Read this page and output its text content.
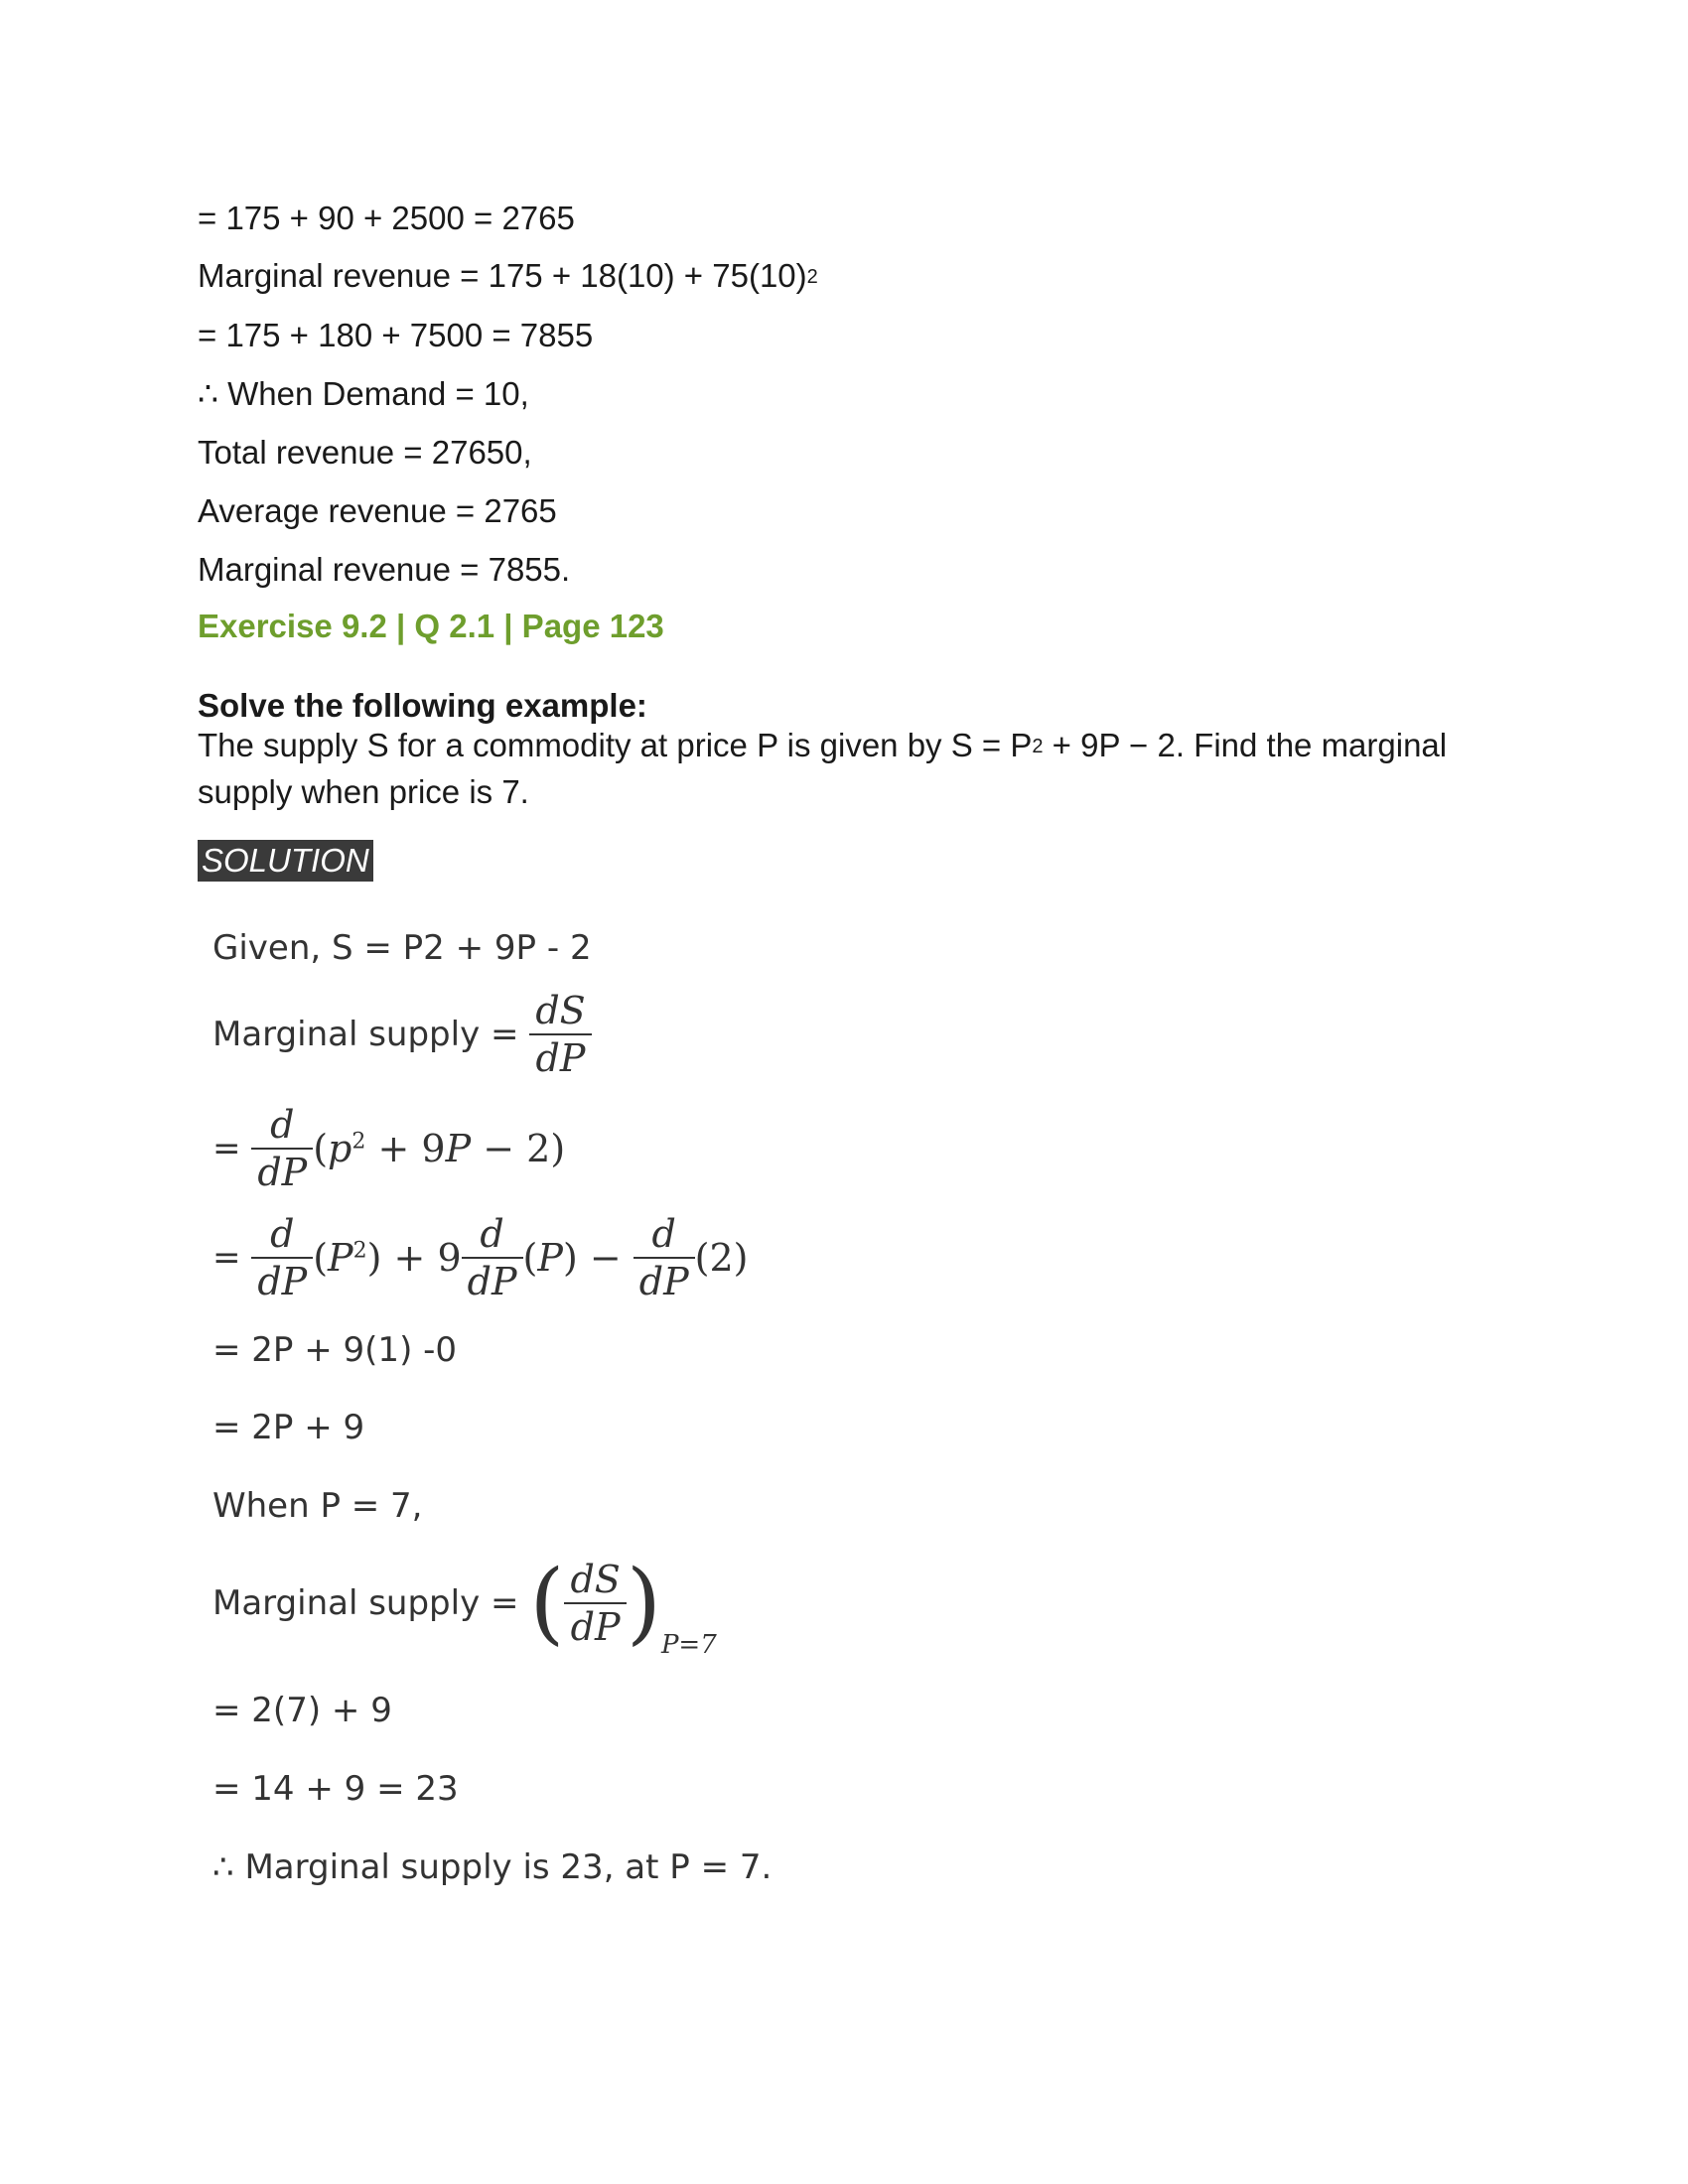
= 175 + 90 + 2500 = 2765
Marginal revenue = $175 + 18(10) + 75(10)^2$
= 175 + 180 + 7500 = 7855
∴ When Demand = 10,
Total revenue = 27650,
Average revenue = 2765
Marginal revenue = 7855.
Exercise 9.2 | Q 2.1 | Page 123
Solve the following example:
The supply S for a commodity at price P is given by $S = P^2 + 9P - 2$. Find the marginal supply when price is 7.
SOLUTION
Given, S = P2 + 9P - 2
Marginal supply = $\frac{dS}{dP}$
= $\frac{d}{dP} (p^2 + 9P - 2)$
= $\frac{d}{dP} (P^2) + 9 \frac{d}{dP} (P) - \frac{d}{dP} (2)$
= 2P + 9(1) -0
= 2P + 9
When P = 7,
Marginal supply = ( $\frac{dS}{dP} )_{P=7}$
= 2(7) + 9
= 14 + 9 = 23
∴ Marginal supply is 23, at P = 7.
